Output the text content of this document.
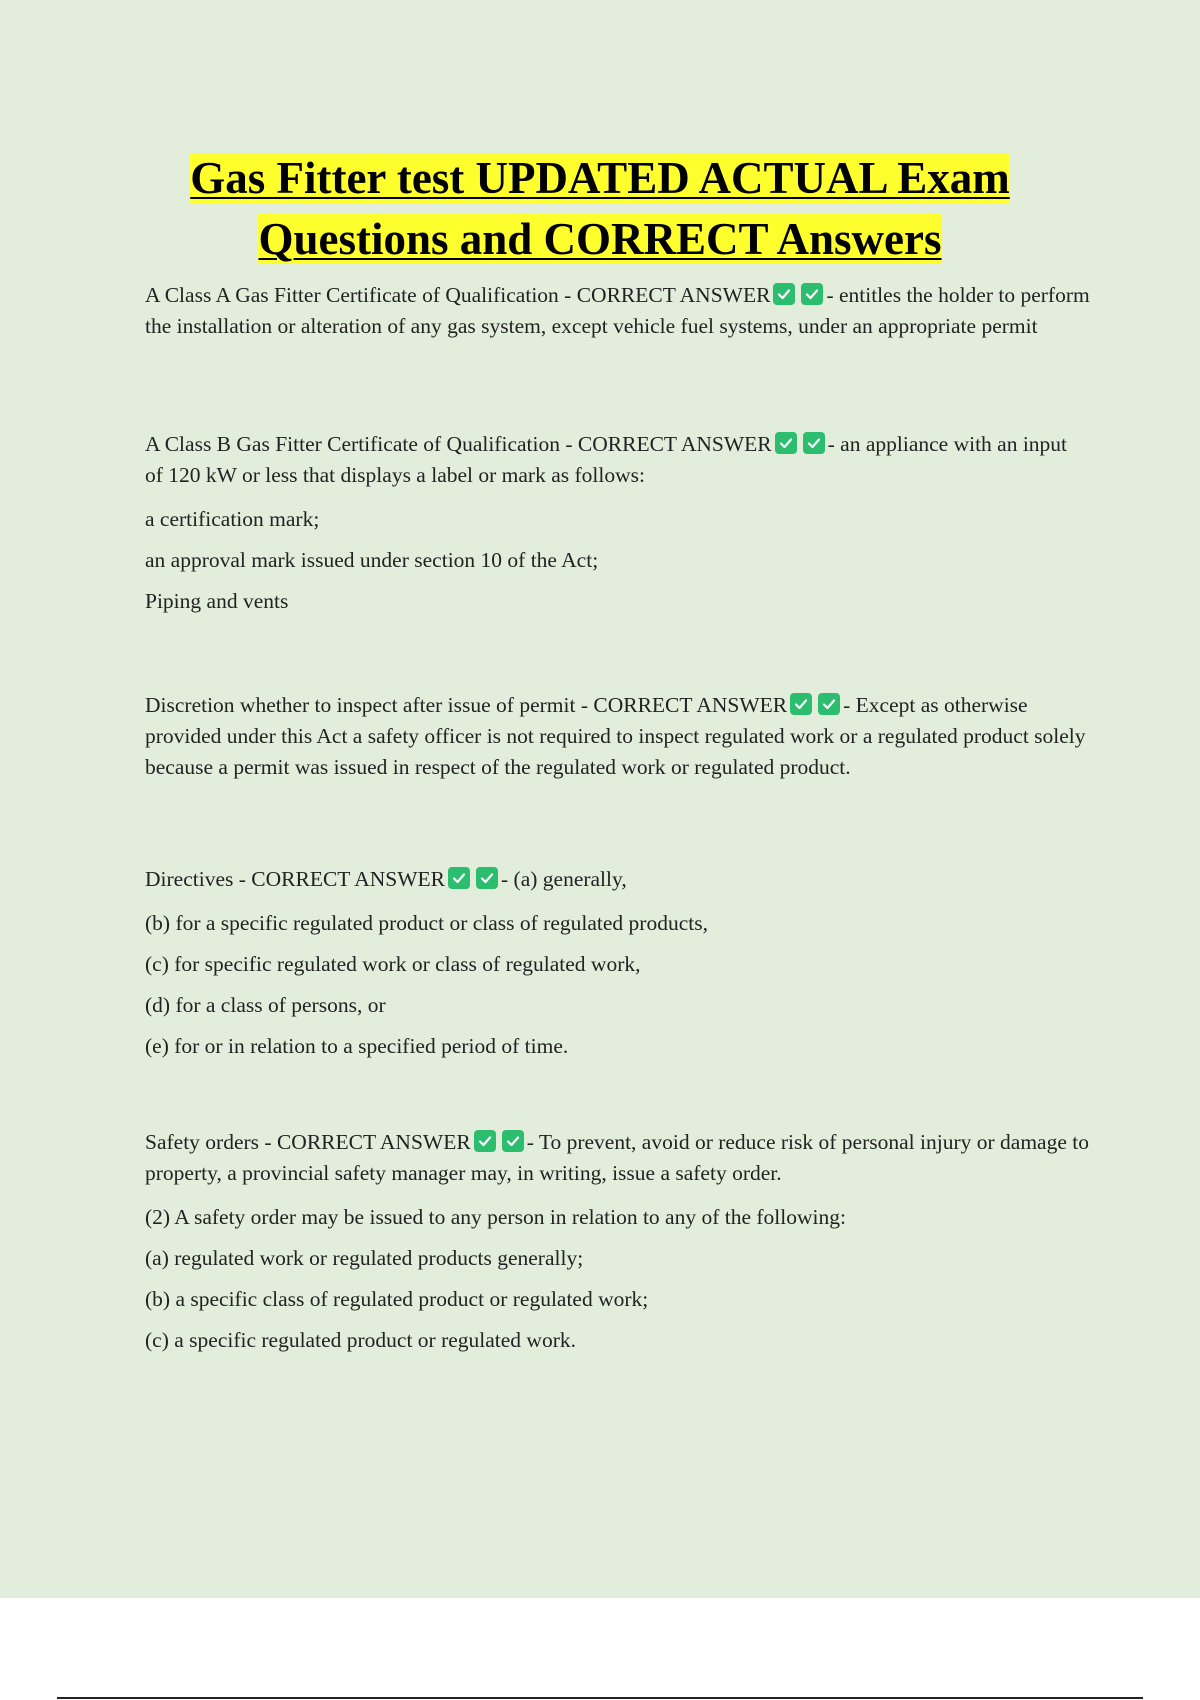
Gas Fitter test UPDATED ACTUAL Exam
Questions and CORRECT Answers

A Class A Gas Fitter Certificate of Qualification - CORRECT ANSWER	- entitles the holder to perform the installation or alteration of any gas system, except vehicle fuel systems, under an appropriate permit

A Class B Gas Fitter Certificate of Qualification - CORRECT ANSWER	- an appliance with an input of 120 kW or less that displays a label or mark as follows:

a certification mark;

an approval mark issued under section 10 of the Act;

Piping and vents

Discretion whether to inspect after issue of permit - CORRECT ANSWER	- Except as otherwise provided under this Act a safety officer is not required to inspect regulated work or a regulated product solely because a permit was issued in respect of the regulated work or regulated product.

Directives - CORRECT ANSWER	- (a) generally,

(b) for a specific regulated product or class of regulated products,

(c) for specific regulated work or class of regulated work,

(d) for a class of persons, or

(e) for or in relation to a specified period of time.

Safety orders - CORRECT ANSWER	- To prevent, avoid or reduce risk of personal injury or damage to property, a provincial safety manager may, in writing, issue a safety order.

(2) A safety order may be issued to any person in relation to any of the following:

(a) regulated work or regulated products generally;

(b) a specific class of regulated product or regulated work;

(c) a specific regulated product or regulated work.
